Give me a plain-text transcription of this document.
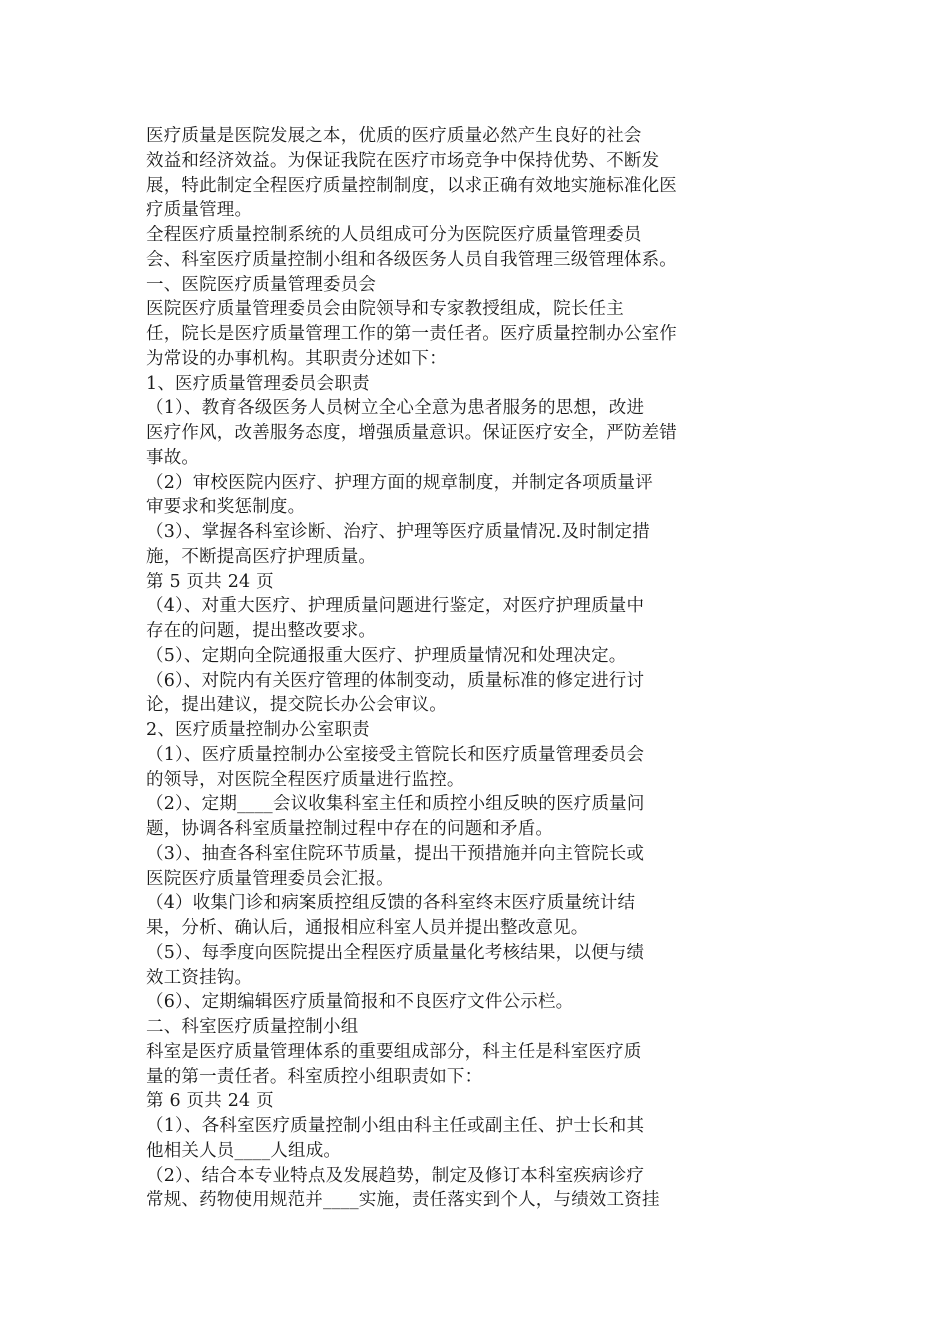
医疗质量是医院发展之本，优质的医疗质量必然产生良好的社会
效益和经济效益。为保证我院在医疗市场竞争中保持优势、不断发
展，特此制定全程医疗质量控制制度，以求正确有效地实施标准化医
疗质量管理。
全程医疗质量控制系统的人员组成可分为医院医疗质量管理委员
会、科室医疗质量控制小组和各级医务人员自我管理三级管理体系。
一、医院医疗质量管理委员会
医院医疗质量管理委员会由院领导和专家教授组成，院长任主
任，院长是医疗质量管理工作的第一责任者。医疗质量控制办公室作
为常设的办事机构。其职责分述如下：
1、医疗质量管理委员会职责
（1）、教育各级医务人员树立全心全意为患者服务的思想，改进
医疗作风，改善服务态度，增强质量意识。保证医疗安全，严防差错
事故。
（2）审校医院内医疗、护理方面的规章制度，并制定各项质量评
审要求和奖惩制度。
（3）、掌握各科室诊断、治疗、护理等医疗质量情况.及时制定措
施，不断提高医疗护理质量。
第 5 页共 24 页
（4）、对重大医疗、护理质量问题进行鉴定，对医疗护理质量中
存在的问题，提出整改要求。
（5）、定期向全院通报重大医疗、护理质量情况和处理决定。
（6）、对院内有关医疗管理的体制变动，质量标准的修定进行讨
论，提出建议，提交院长办公会审议。
2、医疗质量控制办公室职责
（1）、医疗质量控制办公室接受主管院长和医疗质量管理委员会
的领导，对医院全程医疗质量进行监控。
（2）、定期____会议收集科室主任和质控小组反映的医疗质量问
题，协调各科室质量控制过程中存在的问题和矛盾。
（3）、抽查各科室住院环节质量，提出干预措施并向主管院长或
医院医疗质量管理委员会汇报。
（4）收集门诊和病案质控组反馈的各科室终末医疗质量统计结
果，分析、确认后，通报相应科室人员并提出整改意见。
（5）、每季度向医院提出全程医疗质量量化考核结果，以便与绩
效工资挂钩。
（6）、定期编辑医疗质量简报和不良医疗文件公示栏。
二、科室医疗质量控制小组
科室是医疗质量管理体系的重要组成部分，科主任是科室医疗质
量的第一责任者。科室质控小组职责如下：
第 6 页共 24 页
（1）、各科室医疗质量控制小组由科主任或副主任、护士长和其
他相关人员____人组成。
（2）、结合本专业特点及发展趋势，制定及修订本科室疾病诊疗
常规、药物使用规范并____实施，责任落实到个人，与绩效工资挂
